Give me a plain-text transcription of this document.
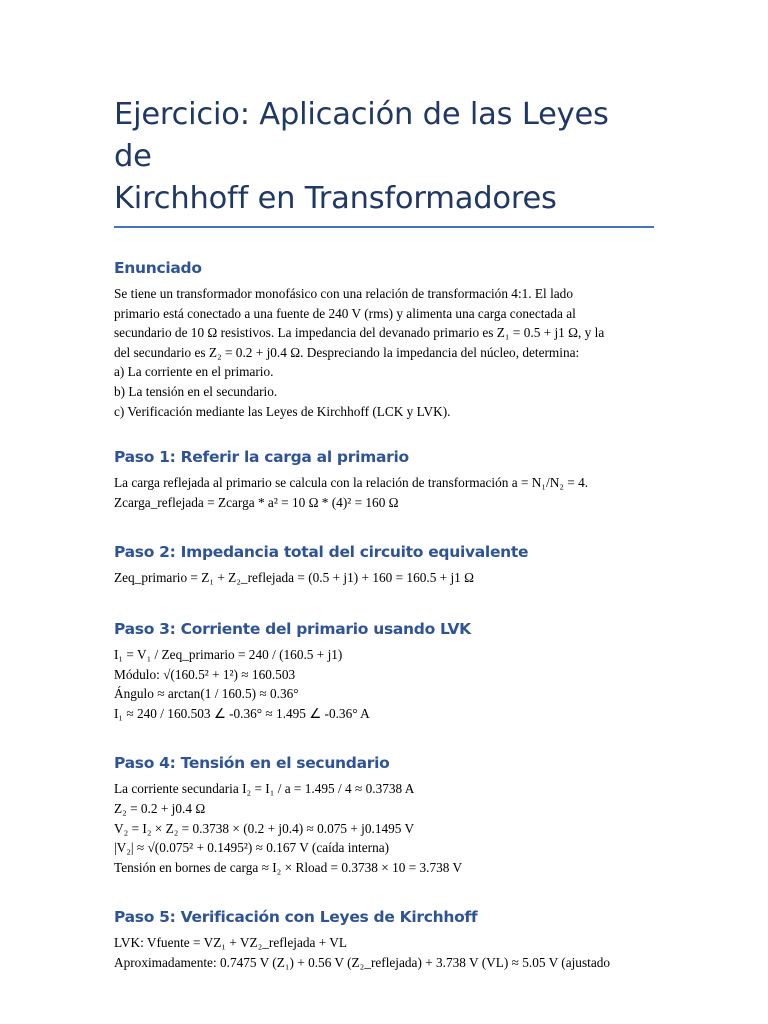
Ejercicio: Aplicación de las Leyes de
Kirchhoff en Transformadores
Enunciado
Se tiene un transformador monofásico con una relación de transformación 4:1. El lado
primario está conectado a una fuente de 240 V (rms) y alimenta una carga conectada al
secundario de 10 Ω resistivos. La impedancia del devanado primario es Z₁ = 0.5 + j1 Ω, y la
del secundario es Z₂ = 0.2 + j0.4 Ω. Despreciando la impedancia del núcleo, determina:
a) La corriente en el primario.
b) La tensión en el secundario.
c) Verificación mediante las Leyes de Kirchhoff (LCK y LVK).
Paso 1: Referir la carga al primario
La carga reflejada al primario se calcula con la relación de transformación a = N₁/N₂ = 4.
Zcarga_reflejada = Zcarga * a² = 10 Ω * (4)² = 160 Ω
Paso 2: Impedancia total del circuito equivalente
Zeq_primario = Z₁ + Z₂_reflejada = (0.5 + j1) + 160 = 160.5 + j1 Ω
Paso 3: Corriente del primario usando LVK
I₁ = V₁ / Zeq_primario = 240 / (160.5 + j1)
Módulo: √(160.5² + 1²) ≈ 160.503
Ángulo ≈ arctan(1 / 160.5) ≈ 0.36°
I₁ ≈ 240 / 160.503 ∠ -0.36° ≈ 1.495 ∠ -0.36° A
Paso 4: Tensión en el secundario
La corriente secundaria I₂ = I₁ / a = 1.495 / 4 ≈ 0.3738 A
Z₂ = 0.2 + j0.4 Ω
V₂ = I₂ × Z₂ = 0.3738 × (0.2 + j0.4) ≈ 0.075 + j0.1495 V
|V₂| ≈ √(0.075² + 0.1495²) ≈ 0.167 V (caída interna)
Tensión en bornes de carga ≈ I₂ × Rload = 0.3738 × 10 = 3.738 V
Paso 5: Verificación con Leyes de Kirchhoff
LVK: Vfuente = VZ₁ + VZ₂_reflejada + VL
Aproximadamente: 0.7475 V (Z₁) + 0.56 V (Z₂_reflejada) + 3.738 V (VL) ≈ 5.05 V (ajustado
